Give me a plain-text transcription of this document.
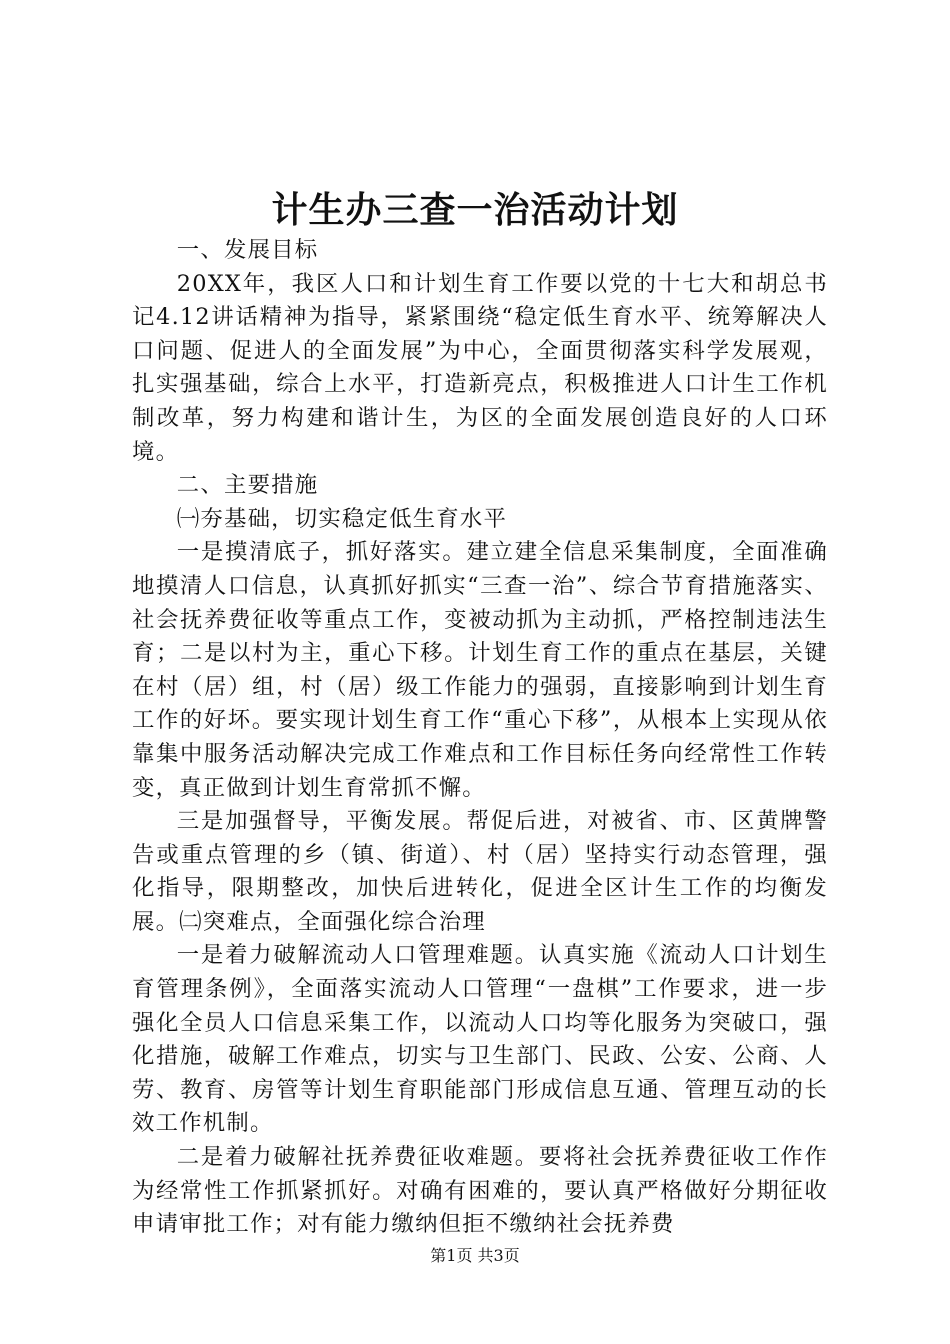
计生办三查一治活动计划

一、发展目标

20XX年，我区人口和计划生育工作要以党的十七大和胡总书记4.12讲话精神为指导，紧紧围绕“稳定低生育水平、统筹解决人口问题、促进人的全面发展”为中心，全面贯彻落实科学发展观，扎实强基础，综合上水平，打造新亮点，积极推进人口计生工作机制改革，努力构建和谐计生，为区的全面发展创造良好的人口环境。

二、主要措施

㈠夯基础，切实稳定低生育水平

一是摸清底子，抓好落实。建立建全信息采集制度，全面准确地摸清人口信息，认真抓好抓实“三查一治”、综合节育措施落实、社会抚养费征收等重点工作，变被动抓为主动抓，严格控制违法生育；二是以村为主，重心下移。计划生育工作的重点在基层，关键在村（居）组，村（居）级工作能力的强弱，直接影响到计划生育工作的好坏。要实现计划生育工作“重心下移”，从根本上实现从依靠集中服务活动解决完成工作难点和工作目标任务向经常性工作转变，真正做到计划生育常抓不懈。

三是加强督导，平衡发展。帮促后进，对被省、市、区黄牌警告或重点管理的乡（镇、街道）、村（居）坚持实行动态管理，强化指导，限期整改，加快后进转化，促进全区计生工作的均衡发展。㈡突难点，全面强化综合治理

一是着力破解流动人口管理难题。认真实施《流动人口计划生育管理条例》，全面落实流动人口管理“一盘棋”工作要求，进一步强化全员人口信息采集工作，以流动人口均等化服务为突破口，强化措施，破解工作难点，切实与卫生部门、民政、公安、公商、人劳、教育、房管等计划生育职能部门形成信息互通、管理互动的长效工作机制。

二是着力破解社抚养费征收难题。要将社会抚养费征收工作作为经常性工作抓紧抓好。对确有困难的，要认真严格做好分期征收申请审批工作；对有能力缴纳但拒不缴纳社会抚养费

第1页 共3页
